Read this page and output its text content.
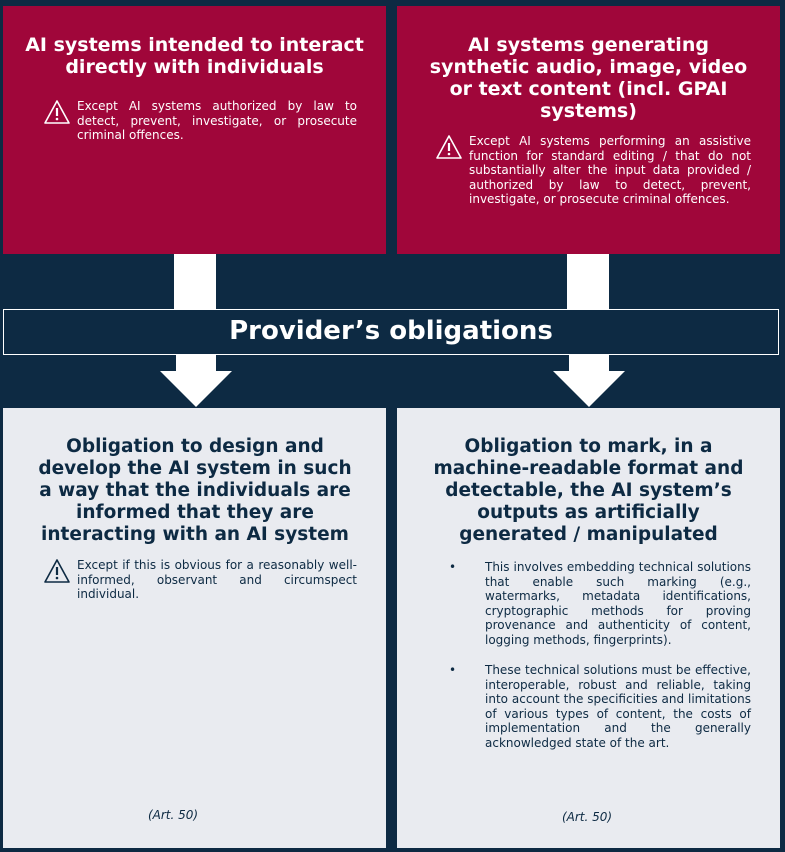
AI systems intended to interact directly with individuals

Except AI systems authorized by law to detect, prevent, investigate, or prosecute criminal offences.

AI systems generating synthetic audio, image, video or text content (incl. GPAI systems)

Except AI systems performing an assistive function for standard editing / that do not substantially alter the input data provided / authorized by law to detect, prevent, investigate, or prosecute criminal offences.
Provider’s obligations

Obligation to design and develop the AI system in such a way that the individuals are informed that they are interacting with an AI system

Except if this is obvious for a reasonably well-informed, observant and circumspect individual.
(Art. 50)

Obligation to mark, in a machine-readable format and detectable, the AI system’s outputs as artificially generated / manipulated

• This involves embedding technical solutions that enable such marking (e.g., watermarks, metadata identifications, cryptographic methods for proving provenance and authenticity of content, logging methods, fingerprints).
• These technical solutions must be effective, interoperable, robust and reliable, taking into account the specificities and limitations of various types of content, the costs of implementation and the generally acknowledged state of the art.
(Art. 50)
